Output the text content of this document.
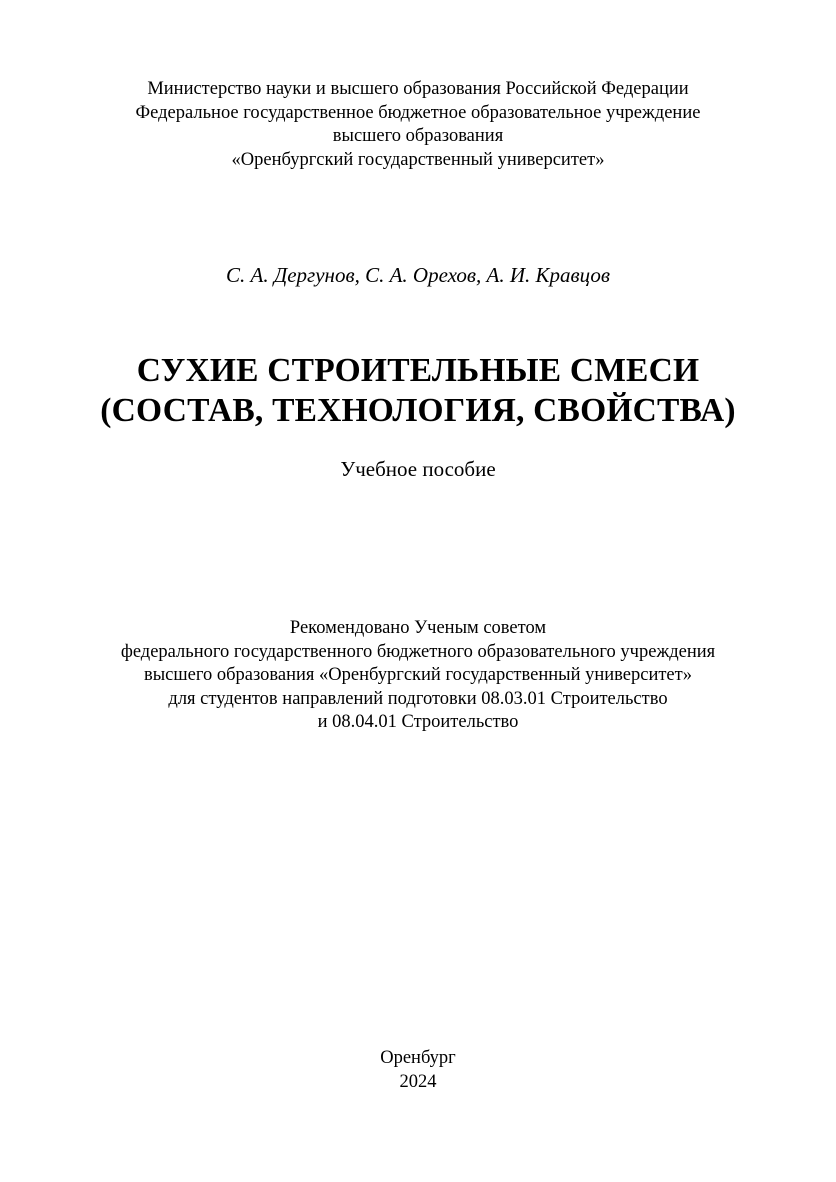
Министерство науки и высшего образования Российской Федерации
Федеральное государственное бюджетное образовательное учреждение
высшего образования
«Оренбургский государственный университет»
С. А. Дергунов, С. А. Орехов, А. И. Кравцов
СУХИЕ СТРОИТЕЛЬНЫЕ СМЕСИ
(СОСТАВ, ТЕХНОЛОГИЯ, СВОЙСТВА)
Учебное пособие
Рекомендовано Ученым советом
федерального государственного бюджетного образовательного учреждения
высшего образования «Оренбургский государственный университет»
для студентов направлений подготовки 08.03.01 Строительство
и 08.04.01 Строительство
Оренбург
2024
